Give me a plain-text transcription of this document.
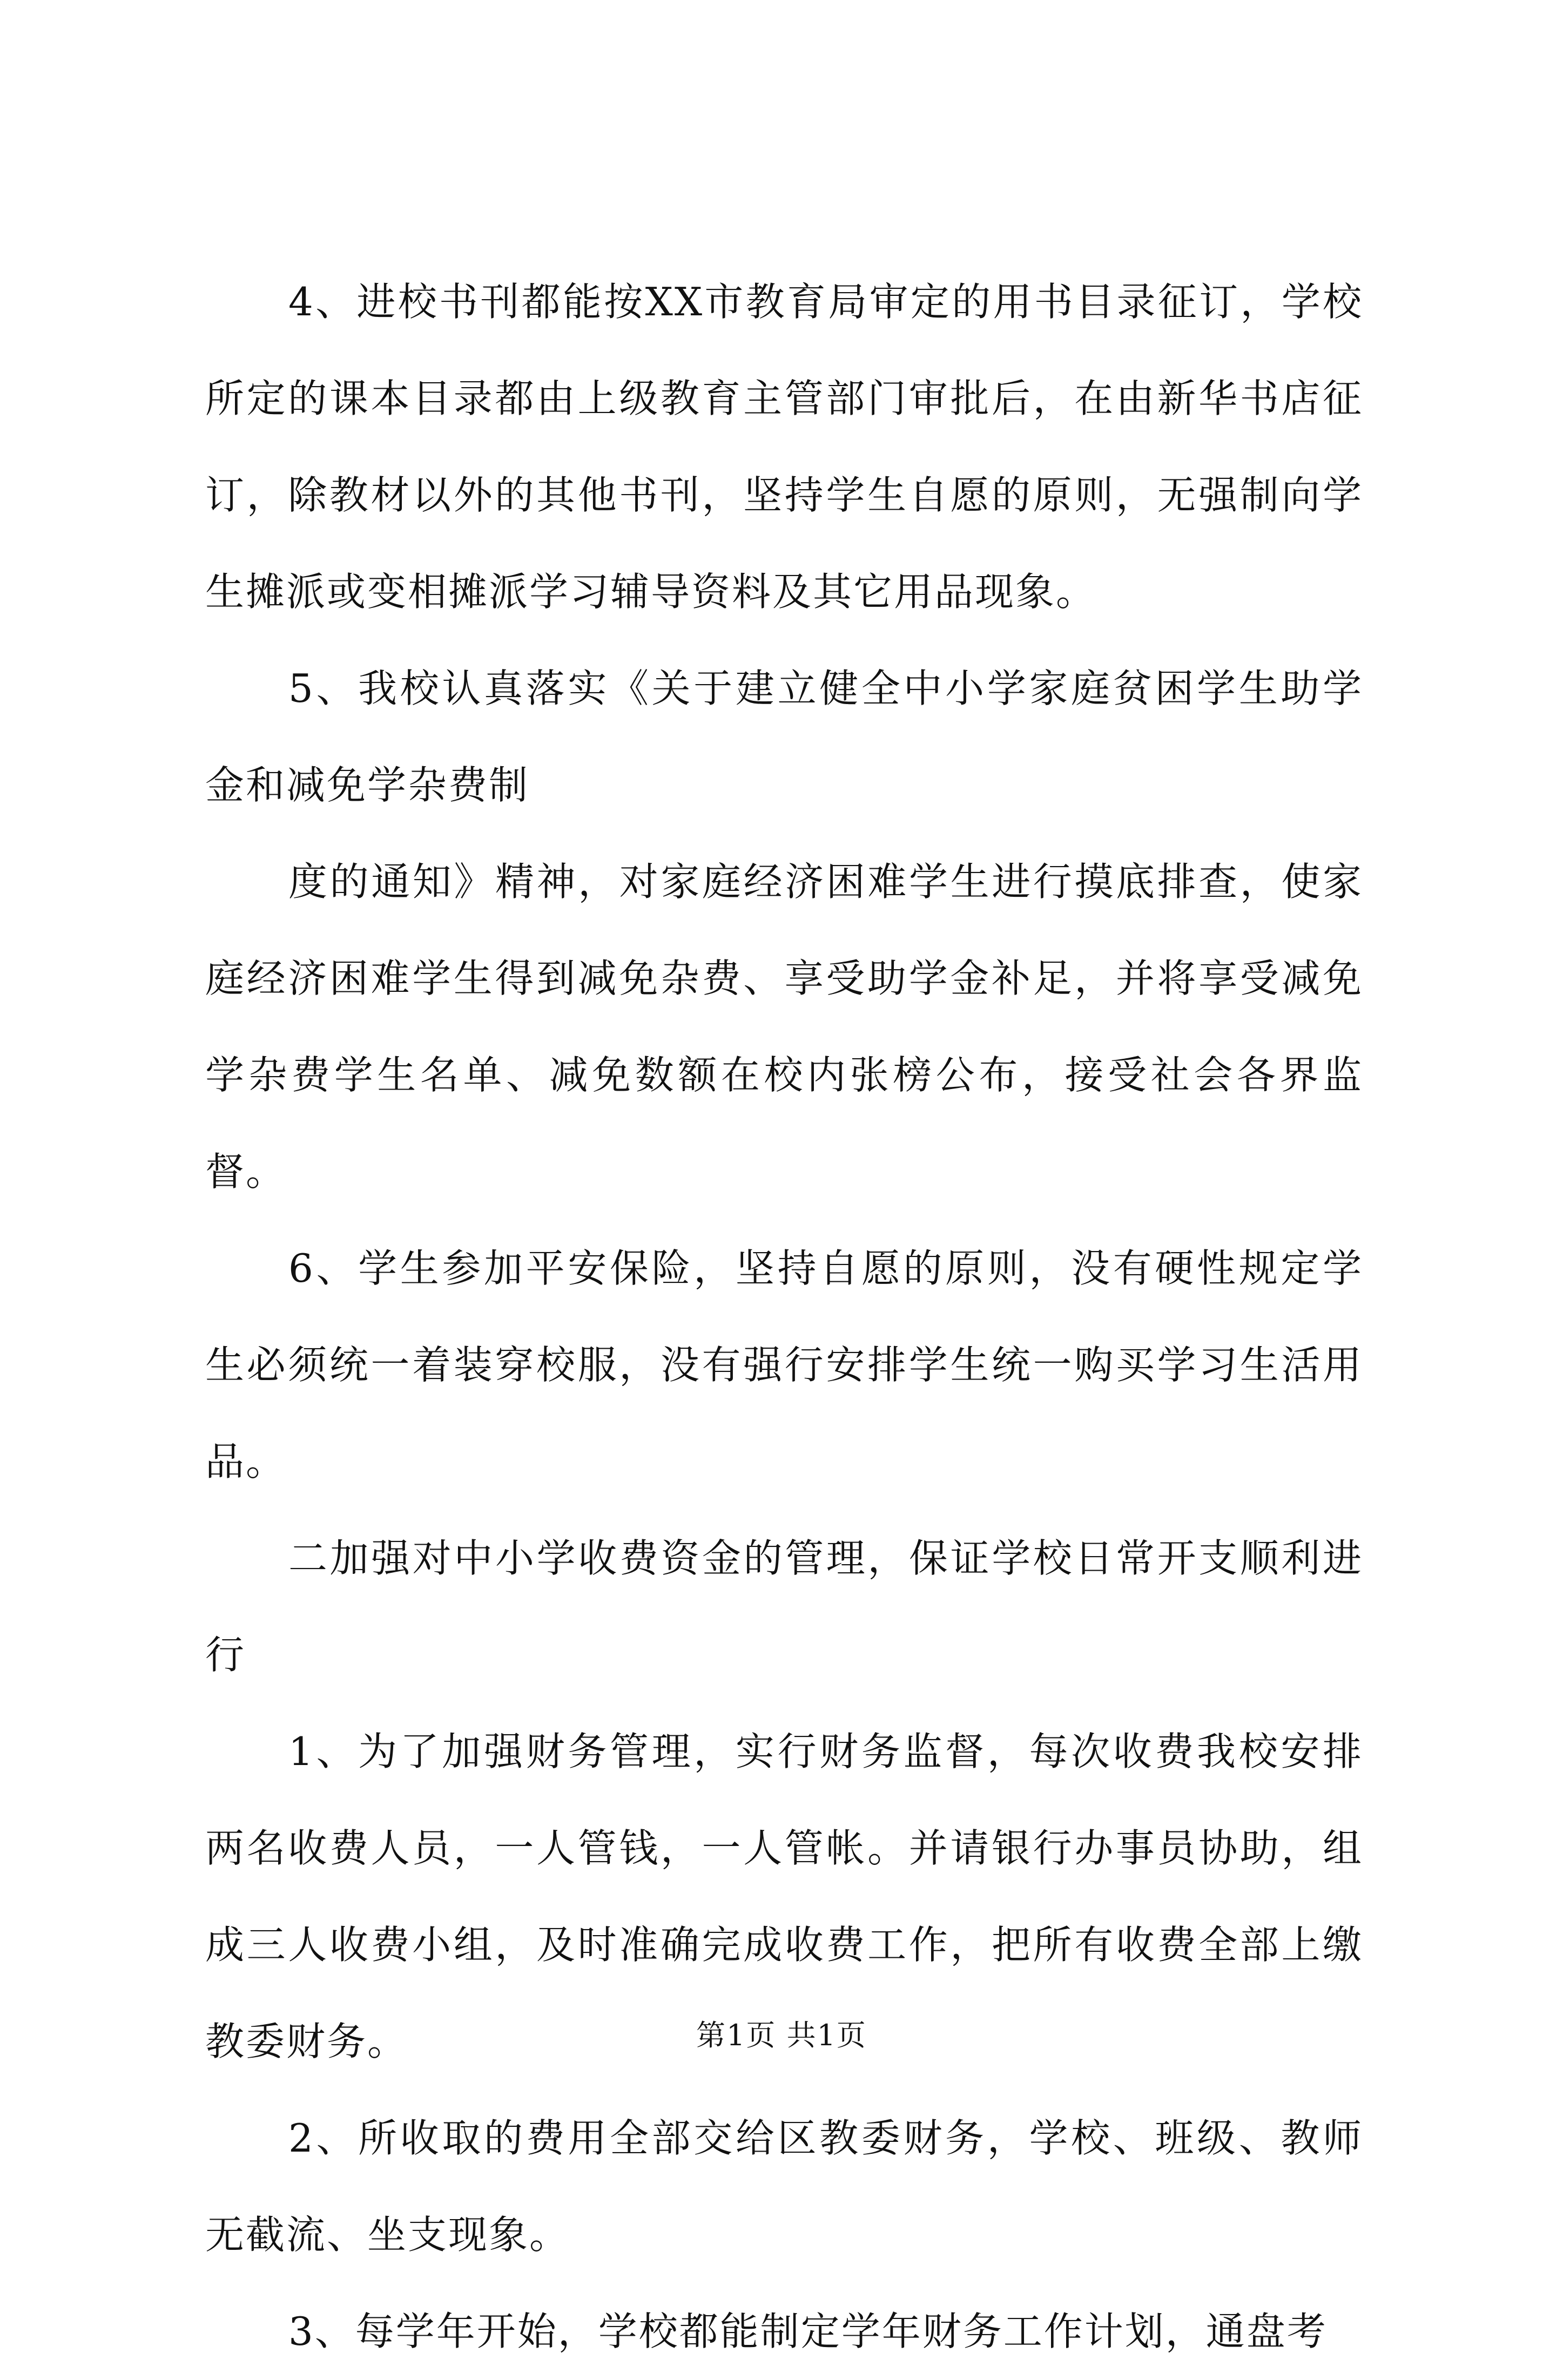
4、进校书刊都能按XX市教育局审定的用书目录征订，学校所定的课本目录都由上级教育主管部门审批后，在由新华书店征订，除教材以外的其他书刊，坚持学生自愿的原则，无强制向学生摊派或变相摊派学习辅导资料及其它用品现象。

5、我校认真落实《关于建立健全中小学家庭贫困学生助学金和减免学杂费制

度的通知》精神，对家庭经济困难学生进行摸底排查，使家庭经济困难学生得到减免杂费、享受助学金补足，并将享受减免学杂费学生名单、减免数额在校内张榜公布，接受社会各界监督。

6、学生参加平安保险，坚持自愿的原则，没有硬性规定学生必须统一着装穿校服，没有强行安排学生统一购买学习生活用品。

二加强对中小学收费资金的管理，保证学校日常开支顺利进行

1、为了加强财务管理，实行财务监督，每次收费我校安排两名收费人员，一人管钱，一人管帐。并请银行办事员协助，组成三人收费小组，及时准确完成收费工作，把所有收费全部上缴教委财务。

2、所收取的费用全部交给区教委财务，学校、班级、教师无截流、坐支现象。

3、每学年开始，学校都能制定学年财务工作计划，通盘考

第1页 共1页
